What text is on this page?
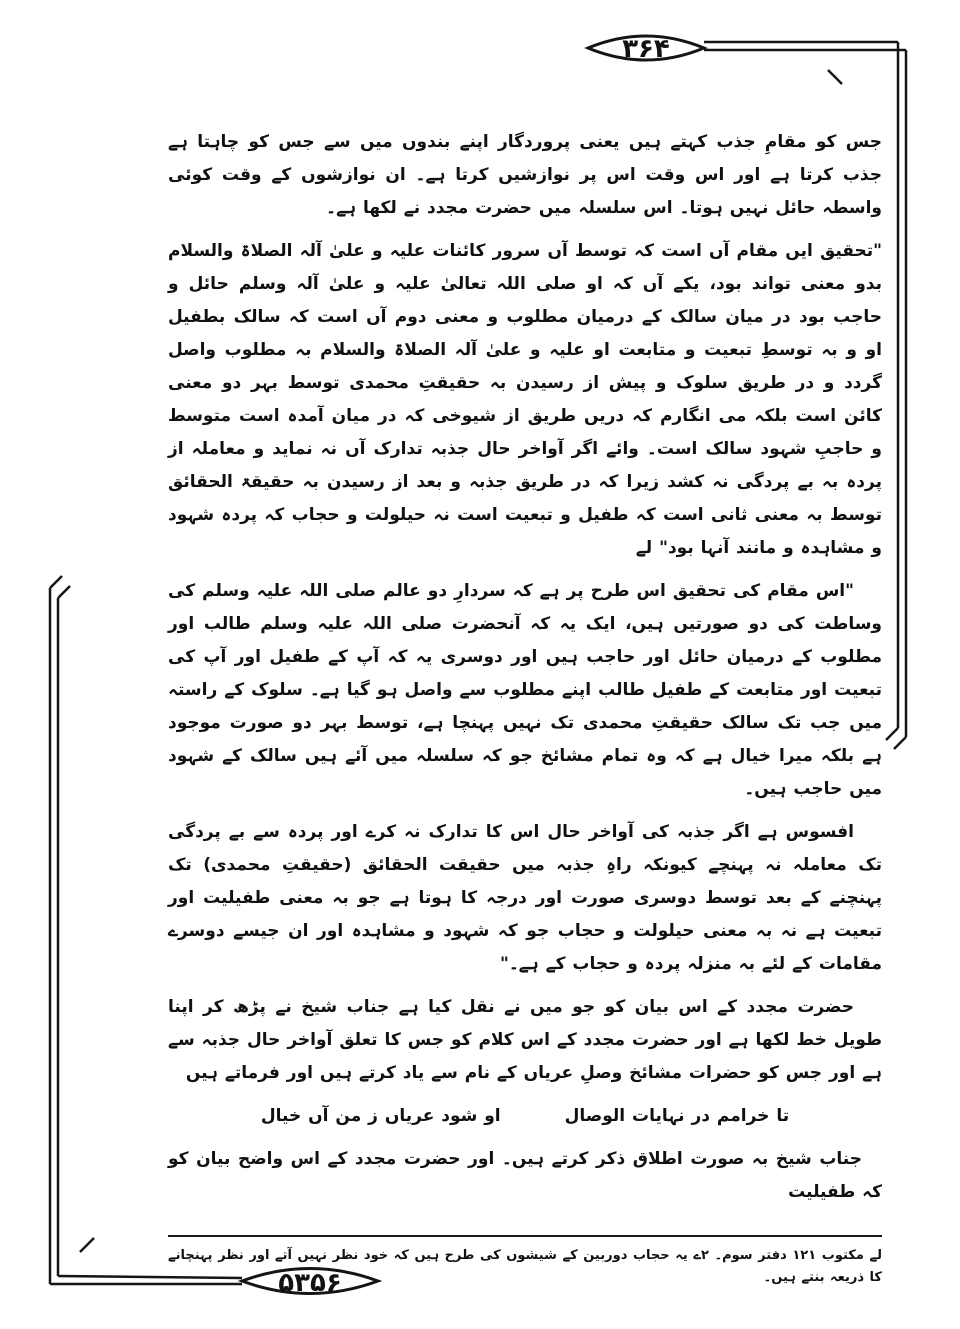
۳۶۴
۵۳۵۶

جس کو مقامِ جذب کہتے ہیں یعنی پروردگار اپنے بندوں میں سے جس کو چاہتا ہے جذب کرتا ہے اور اس وقت اس پر نوازشیں کرتا ہے۔ ان نوازشوں کے وقت کوئی واسطہ حائل نہیں ہوتا۔ اس سلسلہ میں حضرت مجدد نے لکھا ہے۔

"تحقیق ایں مقام آں است کہ توسط آں سرور کائنات علیہ و علیٰ آلہ الصلاۃ والسلام بدو معنی تواند بود، یکے آں کہ او صلی اللہ تعالیٰ علیہ و علیٰ آلہ وسلم حائل و حاجب بود در میان سالک کے درمیان مطلوب و معنی دوم آں است کہ سالک بطفیل او و بہ توسطِ تبعیت و متابعت او علیہ و علیٰ آلہ الصلاۃ والسلام بہ مطلوب واصل گردد و در طریق سلوک و پیش از رسیدن بہ حقیقتِ محمدی توسط بہر دو معنی کائن است بلکہ می انگارم کہ دریں طریق از شیوخی کہ در میان آمدہ است متوسط و حاجبِ شہود سالک است۔ وائے اگر آواخر حال جذبہ تدارک آں نہ نماید و معاملہ از پردہ بہ بے پردگی نہ کشد زیرا کہ در طریق جذبہ و بعد از رسیدن بہ حقیقۃ الحقائق توسط بہ معنی ثانی است کہ طفیل و تبعیت است نہ حیلولت و حجاب کہ پردہ شہود و مشاہدہ و مانند آنہا بود" لے

"اس مقام کی تحقیق اس طرح پر ہے کہ سردارِ دو عالم صلی اللہ علیہ وسلم کی وساطت کی دو صورتیں ہیں، ایک یہ کہ آنحضرت صلی اللہ علیہ وسلم طالب اور مطلوب کے درمیان حائل اور حاجب ہیں اور دوسری یہ کہ آپ کے طفیل اور آپ کی تبعیت اور متابعت کے طفیل طالب اپنے مطلوب سے واصل ہو گیا ہے۔ سلوک کے راستہ میں جب تک سالک حقیقتِ محمدی تک نہیں پہنچا ہے، توسط بہر دو صورت موجود ہے بلکہ میرا خیال ہے کہ وہ تمام مشائخ جو کہ سلسلہ میں آئے ہیں سالک کے شہود میں حاجب ہیں۔

افسوس ہے اگر جذبہ کی آواخر حال اس کا تدارک نہ کرے اور پردہ سے بے پردگی تک معاملہ نہ پہنچے کیونکہ راہِ جذبہ میں حقیقت الحقائق (حقیقتِ محمدی) تک پہنچنے کے بعد توسط دوسری صورت اور درجہ کا ہوتا ہے جو بہ معنی طفیلیت اور تبعیت ہے نہ بہ معنی حیلولت و حجاب جو کہ شہود و مشاہدہ اور ان جیسے دوسرے مقامات کے لئے بہ منزلہ پردہ و حجاب کے ہے۔"

حضرت مجدد کے اس بیان کو جو میں نے نقل کیا ہے جناب شیخ نے پڑھ کر اپنا طویل خط لکھا ہے اور حضرت مجدد کے اس کلام کو جس کا تعلق آواخر حال جذبہ سے ہے اور جس کو حضرات مشائخ وصلِ عریاں کے نام سے یاد کرتے ہیں اور فرماتے ہیں

تا خرامم در نہایات الوصال
او شود عریاں ز من آں خیال

جناب شیخ بہ صورت اطلاق ذکر کرتے ہیں۔ اور حضرت مجدد کے اس واضح بیان کو کہ طفیلیت

لے مکتوب ۱۲۱ دفتر سوم۔ ۲ے یہ حجاب دوربین کے شیشوں کی طرح ہیں کہ خود نظر نہیں آتے اور نظر پہنچانے کا ذریعہ بنتے ہیں۔
